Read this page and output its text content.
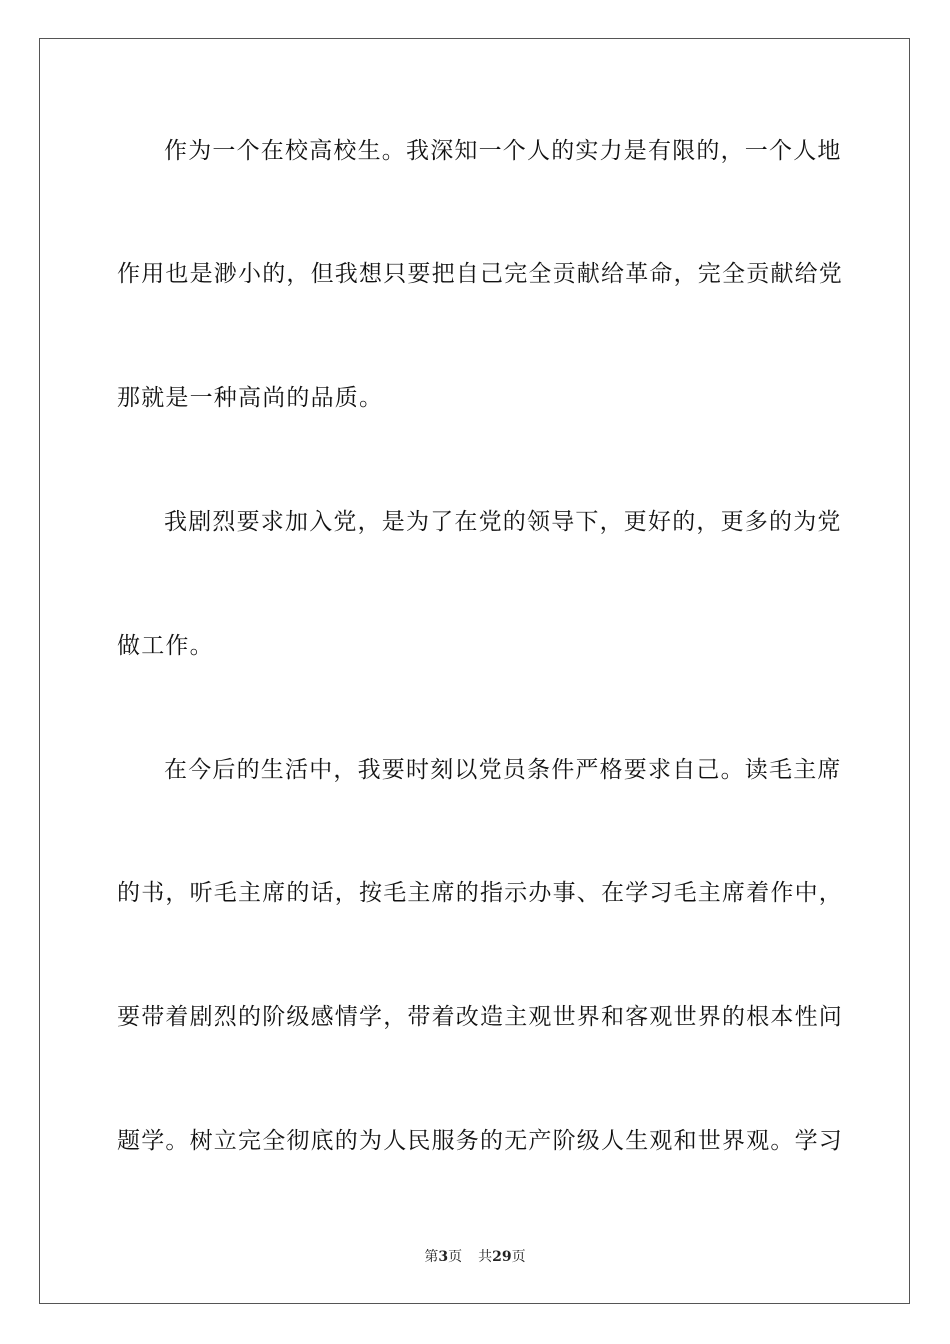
作为一个在校高校生。我深知一个人的实力是有限的，一个人地
作用也是渺小的，但我想只要把自己完全贡献给革命，完全贡献给党
那就是一种高尚的品质。
我剧烈要求加入党，是为了在党的领导下，更好的，更多的为党
做工作。
在今后的生活中，我要时刻以党员条件严格要求自己。读毛主席
的书，听毛主席的话，按毛主席的指示办事、在学习毛主席着作中，
要带着剧烈的阶级感情学，带着改造主观世界和客观世界的根本性问
题学。树立完全彻底的为人民服务的无产阶级人生观和世界观。学习
第3页 共29页
